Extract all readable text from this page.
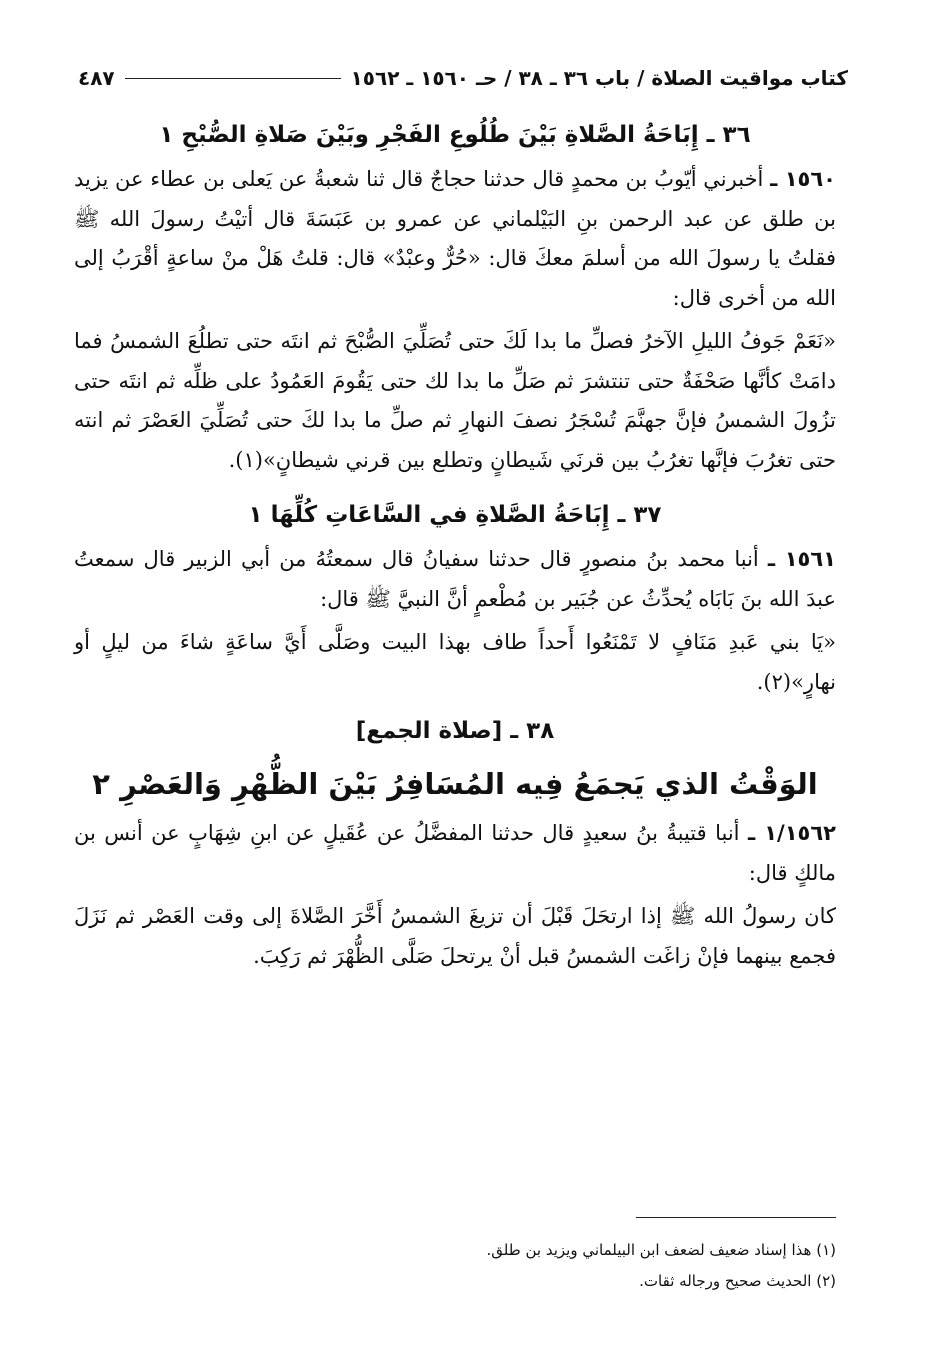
كتاب مواقيت الصلاة / باب ٣٦ ـ ٣٨ / حـ ١٥٦٠ ـ ١٥٦٢
٤٨٧
٣٦ ـ إِبَاحَةُ الصَّلاةِ بَيْنَ طُلُوعِ الفَجْرِ وبَيْنَ صَلاةِ الصُّبْحِ ١

١٥٦٠ ـ أخبرني أيّوبُ بن محمدٍ قال حدثنا حجاجٌ قال ثنا شعبةُ عن يَعلى بن عطاء عن يزيد بن طلق عن عبد الرحمن بنِ البَيْلماني عن عمرو بن عَبَسَةَ قال أتيْتُ رسولَ الله ﷺ فقلتُ يا رسولَ الله من أسلمَ معكَ قال: «حُرٌّ وعبْدٌ» قال: قلتُ هَلْ منْ ساعةٍ أقْرَبُ إلى الله من أخرى قال:

«نَعَمْ جَوفُ الليلِ الآخرُ فصلِّ ما بدا لَكَ حتى تُصَلِّيَ الصُّبْحَ ثم انتَه حتى تطلُعَ الشمسُ فما دامَتْ كأنَّها صَحْفَةٌ حتى تنتشرَ ثم صَلِّ ما بدا لك حتى يَقُومَ العَمُودُ على ظلِّه ثم انتَه حتى تزُولَ الشمسُ فإنَّ جهنَّمَ تُسْجَرُ نصفَ النهارِ ثم صلِّ ما بدا لكَ حتى تُصَلِّيَ العَصْرَ ثم انته حتى تغرُبَ فإنَّها تغرُبُ بين قرنَي شَيطانٍ وتطلع بين قرني شيطانٍ»(١).

٣٧ ـ إِبَاحَةُ الصَّلاةِ في السَّاعَاتِ كُلِّهَا ١

١٥٦١ ـ أنبا محمد بنُ منصورٍ قال حدثنا سفيانُ قال سمعتُهُ من أبي الزبير قال سمعتُ عبدَ الله بنَ بَابَاه يُحدِّثُ عن جُبَير بن مُطْعمٍ أنَّ النبيَّ ﷺ قال:

«يَا بني عَبدِ مَنَافٍ لا تَمْنَعُوا أَحداً طاف بهذا البيت وصَلَّى أَيَّ ساعَةٍ شاءَ من ليلٍ أو نهارٍ»(٢).

٣٨ ـ [صلاة الجمع]
الوَقْتُ الذي يَجمَعُ فِيه المُسَافِرُ بَيْنَ الظُّهْرِ وَالعَصْرِ ٢

١/١٥٦٢ ـ أنبا قتيبةُ بنُ سعيدٍ قال حدثنا المفضَّلُ عن عُقَيلٍ عن ابنِ شِهَابٍ عن أنس بن مالكٍ قال:

كان رسولُ الله ﷺ إذا ارتحَلَ قَبْلَ أن تزيغَ الشمسُ أَخَّرَ الصَّلاةَ إلى وقت العَصْر ثم نَزَلَ فجمع بينهما فإنْ زاغَت الشمسُ قبل أنْ يرتحلَ صَلَّى الظُّهْرَ ثم رَكِبَ.

(١) هذا إسناد ضعيف لضعف ابن البيلماني ويزيد بن طلق.
(٢) الحديث صحيح ورجاله ثقات.
